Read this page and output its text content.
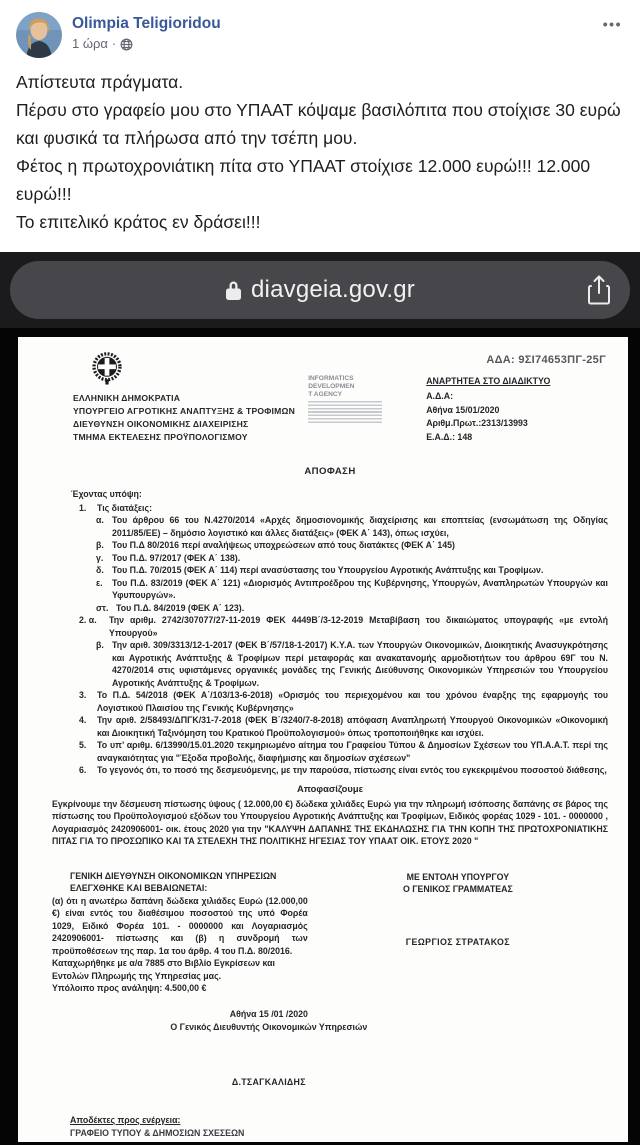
Olimpia Teligioridou
1 ώρα ·
•••

Απίστευτα πράγματα.

Πέρσυ στο γραφείο μου στο ΥΠΑΑΤ κόψαμε βασιλόπιτα που στοίχισε 30 ευρώ και φυσικά τα πλήρωσα από την τσέπη μου.

Φέτος η πρωτοχρονιάτικη πίτα στο ΥΠΑΑΤ στοίχισε 12.000 ευρώ!!! 12.000 ευρώ!!!

Το επιτελικό κράτος εν δράσει!!!

diavgeia.gov.gr
ΕΛΛΗΝΙΚΗ ΔΗΜΟΚΡΑΤΙΑ
ΥΠΟΥΡΓΕΙΟ ΑΓΡΟΤΙΚΗΣ ΑΝΑΠΤΥΞΗΣ & ΤΡΟΦΙΜΩΝ
ΔΙΕΥΘΥΝΣΗ ΟΙΚΟΝΟΜΙΚΗΣ ΔΙΑΧΕΙΡΙΣΗΣ
ΤΜΗΜΑ ΕΚΤΕΛΕΣΗΣ ΠΡΟΫΠΟΛΟΓΙΣΜΟΥ
ΑΔΑ: 9ΣΙ74653ΠΓ-25Γ
INFORMATICS
DEVELOPMEN
T AGENCY
ΑΝΑΡΤΗΤΕΑ ΣΤΟ ΔΙΑΔΙΚΤΥΟ
Α.Δ.Α:
Αθήνα 15/01/2020
Αριθμ.Πρωτ.:2313/13993
Ε.Α.Δ.: 148
ΑΠΟΦΑΣΗ
Έχοντας υπόψη:
1.	Τις διατάξεις:
α. Του άρθρου 66 του Ν.4270/2014 «Αρχές δημοσιονομικής διαχείρισης και εποπτείας (ενσωμάτωση της Οδηγίας 2011/85/ΕΕ) – δημόσιο λογιστικό και άλλες διατάξεις» (ΦΕΚ Α΄ 143), όπως ισχύει,
β. Του Π.Δ 80/2016 περί αναλήψεως υποχρεώσεων από τους διατάκτες (ΦΕΚ Α΄ 145)
γ. Του Π.Δ. 97/2017 (ΦΕΚ Α΄ 138).
δ. Του Π.Δ. 70/2015 (ΦΕΚ Α΄ 114) περί ανασύστασης του Υπουργείου Αγροτικής Ανάπτυξης και Τροφίμων.
ε.	Του Π.Δ. 83/2019 (ΦΕΚ Α΄ 121) «Διορισμός Αντιπροέδρου της Κυβέρνησης, Υπουργών, Αναπληρωτών Υπουργών και Υφυπουργών».
στ. Του Π.Δ. 84/2019 (ΦΕΚ Α΄ 123).
2. α.	Την αριθμ. 2742/307077/27-11-2019 ΦΕΚ 4449Β΄/3-12-2019 Μεταβίβαση του δικαιώματος υπογραφής «με εντολή Υπουργού»
β. Την αριθ. 309/3313/12-1-2017 (ΦΕΚ Β΄/57/18-1-2017) Κ.Υ.Α. των Υπουργών Οικονομικών, Διοικητικής Ανασυγκρότησης και Αγροτικής Ανάπτυξης & Τροφίμων περί μεταφοράς και ανακατανομής αρμοδιοτήτων του άρθρου 69Γ του Ν. 4270/2014 στις υφιστάμενες οργανικές μονάδες της Γενικής Διεύθυνσης Οικονομικών Υπηρεσιών του Υπουργείου Αγροτικής Ανάπτυξης & Τροφίμων.
3.	Το Π.Δ. 54/2018 (ΦΕΚ Α΄/103/13-6-2018) «Ορισμός του περιεχομένου και του χρόνου έναρξης της εφαρμογής του Λογιστικού Πλαισίου της Γενικής Κυβέρνησης»
4.	Την αριθ. 2/58493/ΔΠΓΚ/31-7-2018 (ΦΕΚ Β΄/3240/7-8-2018) απόφαση Αναπληρωτή Υπουργού Οικονομικών «Οικονομική και Διοικητική Ταξινόμηση του Κρατικού Προϋπολογισμού» όπως τροποποιήθηκε και ισχύει.
5.	Το υπ’ αριθμ. 6/13990/15.01.2020 τεκμηριωμένο αίτημα του Γραφείου Τύπου & Δημοσίων Σχέσεων του ΥΠ.Α.Α.Τ. περί της αναγκαιότητας για "Έξοδα προβολής, διαφήμισης και δημοσίων σχέσεων"
6.	Το γεγονός ότι, το ποσό της δεσμευόμενης, με την παρούσα, πίστωσης είναι εντός του εγκεκριμένου ποσοστού διάθεσης,
Αποφασίζουμε

Εγκρίνουμε την δέσμευση πίστωσης ύψους ( 12.000,00 €) δώδεκα χιλιάδες Ευρώ για την πληρωμή ισόποσης δαπάνης σε βάρος της πίστωσης του Προϋπολογισμού εξόδων του Υπουργείου Αγροτικής Ανάπτυξης και Τροφίμων, Ειδικός φορέας 1029 - 101. - 0000000 , Λογαριασμός 2420906001- οικ. έτους 2020 για την "ΚΑΛΥΨΗ ΔΑΠΑΝΗΣ ΤΗΣ ΕΚΔΗΛΩΣΗΣ ΓΙΑ ΤΗΝ ΚΟΠΗ ΤΗΣ ΠΡΩΤΟΧΡΟΝΙΑΤΙΚΗΣ ΠΙΤΑΣ ΓΙΑ ΤΟ ΠΡΟΣΩΠΙΚΟ ΚΑΙ ΤΑ ΣΤΕΛΕΧΗ ΤΗΣ ΠΟΛΙΤΙΚΗΣ ΗΓΕΣΙΑΣ ΤΟΥ ΥΠΑΑΤ ΟΙΚ. ΕΤΟΥΣ 2020 "

ΓΕΝΙΚΗ ΔΙΕΥΘΥΝΣΗ ΟΙΚΟΝΟΜΙΚΩΝ ΥΠΗΡΕΣΙΩΝ
ΕΛΕΓΧΘΗΚΕ ΚΑΙ ΒΕΒΑΙΩΝΕΤΑΙ:

(α) ότι η ανωτέρω δαπάνη δώδεκα χιλιάδες Ευρώ (12.000,00 €) είναι εντός του διαθέσιμου ποσοστού της υπό Φορέα 1029, Ειδικό Φορέα 101. - 0000000 και Λογαριασμός 2420906001- πίστωσης και (β) η συνδρομή των προϋποθέσεων της παρ. 1α του άρθρ. 4 του Π.Δ. 80/2016.

Καταχωρήθηκε με α/α 7885 στο Βιβλίο Εγκρίσεων και Εντολών Πληρωμής της Υπηρεσίας μας.
Υπόλοιπο προς ανάληψη: 4.500,00 €
ΜΕ ΕΝΤΟΛΗ ΥΠΟΥΡΓΟΥ
Ο ΓΕΝΙΚΟΣ ΓΡΑΜΜΑΤΕΑΣ
ΓΕΩΡΓΙΟΣ ΣΤΡΑΤΑΚΟΣ
Αθήνα 15 /01 /2020
Ο Γενικός Διευθυντής Οικονομικών Υπηρεσιών
Δ.ΤΣΑΓΚΑΛΙΔΗΣ
Αποδέκτες προς ενέργεια:
ΓΡΑΦΕΙΟ ΤΥΠΟΥ & ΔΗΜΟΣΙΩΝ ΣΧΕΣΕΩΝ
